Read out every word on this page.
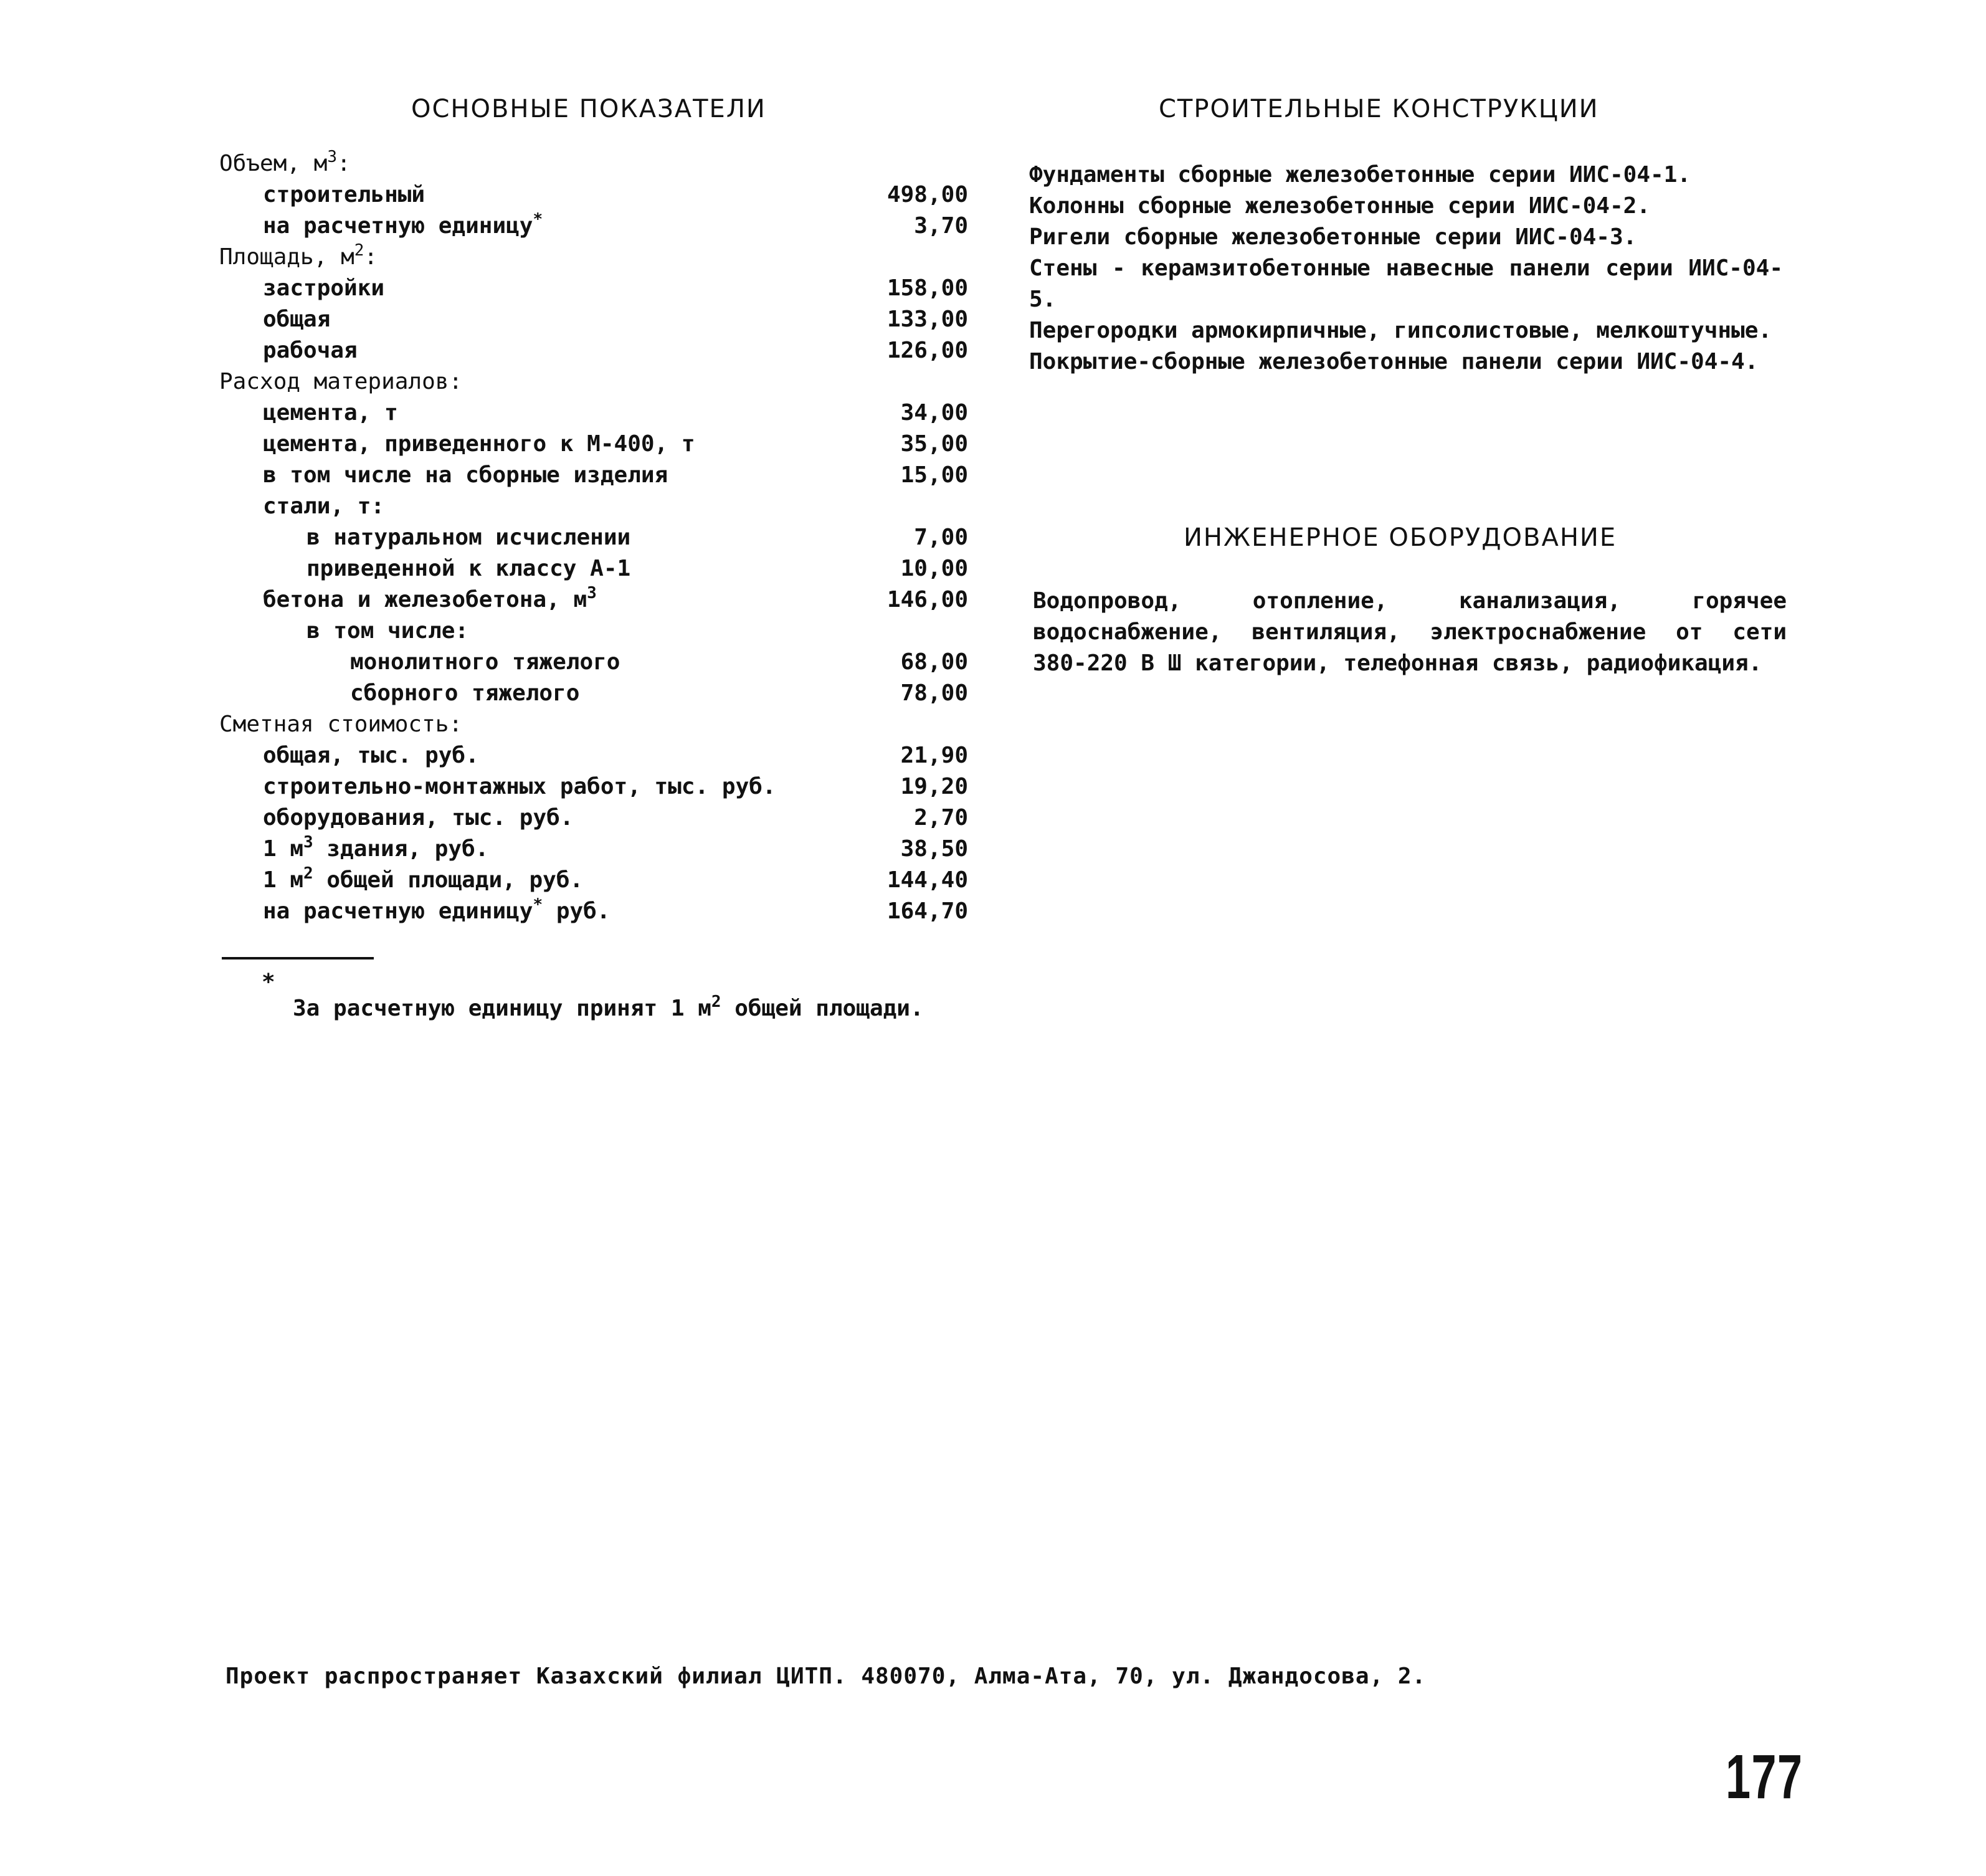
ОСНОВНЫЕ ПОКАЗАТЕЛИ	СТРОИТЕЛЬНЫЕ КОНСТРУКЦИИ
ИНЖЕНЕРНОЕ ОБОРУДОВАНИЕ
Объем, $м^3$:
строительный	498,00
на расчетную единицу*	3,70
Площадь, $м^2$:
застройки	158,00
общая	133,00
рабочая	126,00
Расход материалов:
цемента, т	34,00
цемента, приведенного к М-400, т	35,00
в том числе на сборные изделия	15,00
стали, т:
в натуральном исчислении	7,00
приведенной к классу А-1	10,00
бетона и железобетона, $м^3$	146,00
в том числе:
монолитного тяжелого	68,00
сборного тяжелого	78,00
Сметная стоимость:
общая, тыс. руб.	21,90
строительно-монтажных работ, тыс. руб.	19,20
оборудования, тыс. руб.	2,70
1 $м^3$ здания, руб.	38,50
1 $м^2$ общей площади, руб.	144,40
на расчетную единицу* руб.	164,70
*
За расчетную единицу принят 1 $м^2$ общей площади.
Фундаменты сборные железобетонные серии ИИС-04-1.
Колонны сборные железобетонные серии ИИС-04-2.
Ригели сборные железобетонные серии ИИС-04-3.
Стены - керамзитобетонные навесные панели серии ИИС-04-5.
Перегородки армокирпичные, гипсолистовые, мелкоштучные.
Покрытие-сборные железобетонные панели серии ИИС-04-4.
Водопровод, отопление, канализация, горячее водоснабжение, вентиляция, электроснабжение от сети 380-220 В Ш категории, телефонная связь, радиофикация.
Проект распространяет Казахский филиал ЦИТП. 480070, Алма-Ата, 70, ул. Джандосова, 2.
177
